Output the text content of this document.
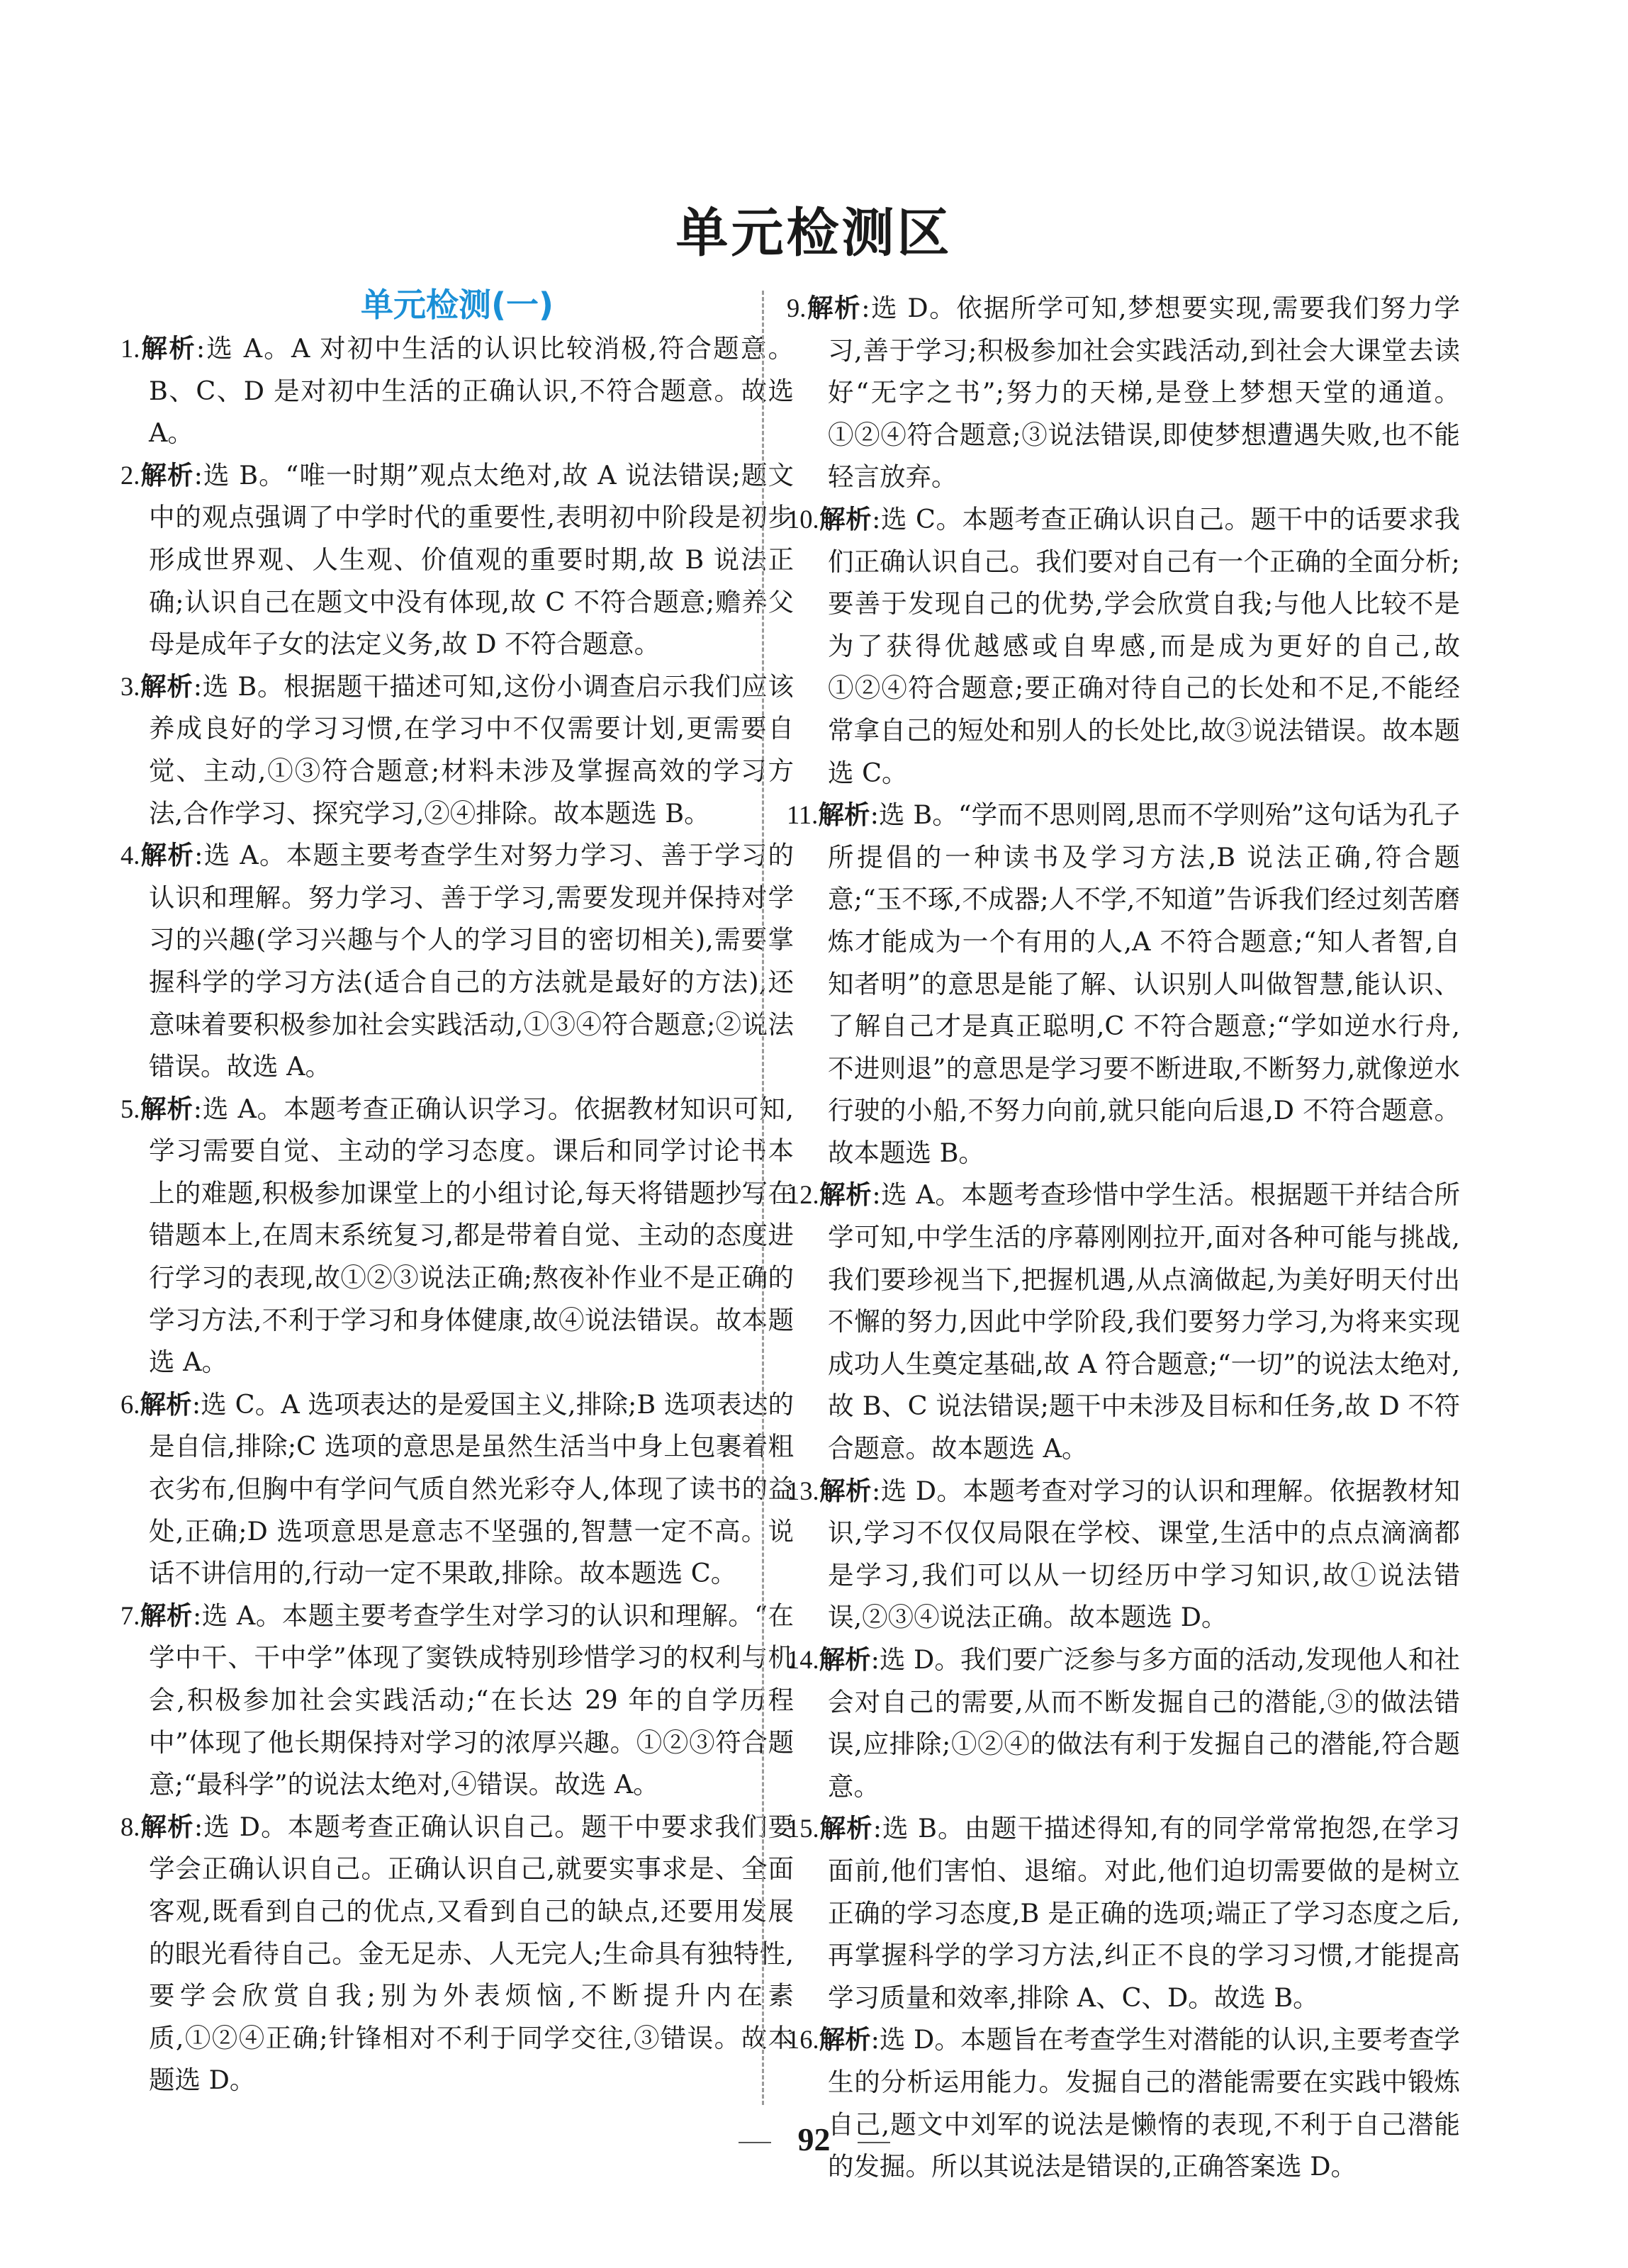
单元检测区
单元检测(一)

1.解析:选 A。A 对初中生活的认识比较消极,符合题意。B、C、D 是对初中生活的正确认识,不符合题意。故选 A。

2.解析:选 B。“唯一时期”观点太绝对,故 A 说法错误;题文中的观点强调了中学时代的重要性,表明初中阶段是初步形成世界观、人生观、价值观的重要时期,故 B 说法正确;认识自己在题文中没有体现,故 C 不符合题意;赡养父母是成年子女的法定义务,故 D 不符合题意。

3.解析:选 B。根据题干描述可知,这份小调查启示我们应该养成良好的学习习惯,在学习中不仅需要计划,更需要自觉、主动,①③符合题意;材料未涉及掌握高效的学习方法,合作学习、探究学习,②④排除。故本题选 B。

4.解析:选 A。本题主要考查学生对努力学习、善于学习的认识和理解。努力学习、善于学习,需要发现并保持对学习的兴趣(学习兴趣与个人的学习目的密切相关),需要掌握科学的学习方法(适合自己的方法就是最好的方法),还意味着要积极参加社会实践活动,①③④符合题意;②说法错误。故选 A。

5.解析:选 A。本题考查正确认识学习。依据教材知识可知,学习需要自觉、主动的学习态度。课后和同学讨论书本上的难题,积极参加课堂上的小组讨论,每天将错题抄写在错题本上,在周末系统复习,都是带着自觉、主动的态度进行学习的表现,故①②③说法正确;熬夜补作业不是正确的学习方法,不利于学习和身体健康,故④说法错误。故本题选 A。

6.解析:选 C。A 选项表达的是爱国主义,排除;B 选项表达的是自信,排除;C 选项的意思是虽然生活当中身上包裹着粗衣劣布,但胸中有学问气质自然光彩夺人,体现了读书的益处,正确;D 选项意思是意志不坚强的,智慧一定不高。说话不讲信用的,行动一定不果敢,排除。故本题选 C。

7.解析:选 A。本题主要考查学生对学习的认识和理解。“在学中干、干中学”体现了窦铁成特别珍惜学习的权利与机会,积极参加社会实践活动;“在长达 29 年的自学历程中”体现了他长期保持对学习的浓厚兴趣。①②③符合题意;“最科学”的说法太绝对,④错误。故选 A。

8.解析:选 D。本题考查正确认识自己。题干中要求我们要学会正确认识自己。正确认识自己,就要实事求是、全面客观,既看到自己的优点,又看到自己的缺点,还要用发展的眼光看待自己。金无足赤、人无完人;生命具有独特性,要学会欣赏自我;别为外表烦恼,不断提升内在素质,①②④正确;针锋相对不利于同学交往,③错误。故本题选 D。

9.解析:选 D。依据所学可知,梦想要实现,需要我们努力学习,善于学习;积极参加社会实践活动,到社会大课堂去读好“无字之书”;努力的天梯,是登上梦想天堂的通道。①②④符合题意;③说法错误,即使梦想遭遇失败,也不能轻言放弃。

10.解析:选 C。本题考查正确认识自己。题干中的话要求我们正确认识自己。我们要对自己有一个正确的全面分析;要善于发现自己的优势,学会欣赏自我;与他人比较不是为了获得优越感或自卑感,而是成为更好的自己,故①②④符合题意;要正确对待自己的长处和不足,不能经常拿自己的短处和别人的长处比,故③说法错误。故本题选 C。

11.解析:选 B。“学而不思则罔,思而不学则殆”这句话为孔子所提倡的一种读书及学习方法,B 说法正确,符合题意;“玉不琢,不成器;人不学,不知道”告诉我们经过刻苦磨炼才能成为一个有用的人,A 不符合题意;“知人者智,自知者明”的意思是能了解、认识别人叫做智慧,能认识、了解自己才是真正聪明,C 不符合题意;“学如逆水行舟,不进则退”的意思是学习要不断进取,不断努力,就像逆水行驶的小船,不努力向前,就只能向后退,D 不符合题意。故本题选 B。

12.解析:选 A。本题考查珍惜中学生活。根据题干并结合所学可知,中学生活的序幕刚刚拉开,面对各种可能与挑战,我们要珍视当下,把握机遇,从点滴做起,为美好明天付出不懈的努力,因此中学阶段,我们要努力学习,为将来实现成功人生奠定基础,故 A 符合题意;“一切”的说法太绝对,故 B、C 说法错误;题干中未涉及目标和任务,故 D 不符合题意。故本题选 A。

13.解析:选 D。本题考查对学习的认识和理解。依据教材知识,学习不仅仅局限在学校、课堂,生活中的点点滴滴都是学习,我们可以从一切经历中学习知识,故①说法错误,②③④说法正确。故本题选 D。

14.解析:选 D。我们要广泛参与多方面的活动,发现他人和社会对自己的需要,从而不断发掘自己的潜能,③的做法错误,应排除;①②④的做法有利于发掘自己的潜能,符合题意。

15.解析:选 B。由题干描述得知,有的同学常常抱怨,在学习面前,他们害怕、退缩。对此,他们迫切需要做的是树立正确的学习态度,B 是正确的选项;端正了学习态度之后,再掌握科学的学习方法,纠正不良的学习习惯,才能提高学习质量和效率,排除 A、C、D。故选 B。

16.解析:选 D。本题旨在考查学生对潜能的认识,主要考查学生的分析运用能力。发掘自己的潜能需要在实践中锻炼自己,题文中刘军的说法是懒惰的表现,不利于自己潜能的发掘。所以其说法是错误的,正确答案选 D。

92
